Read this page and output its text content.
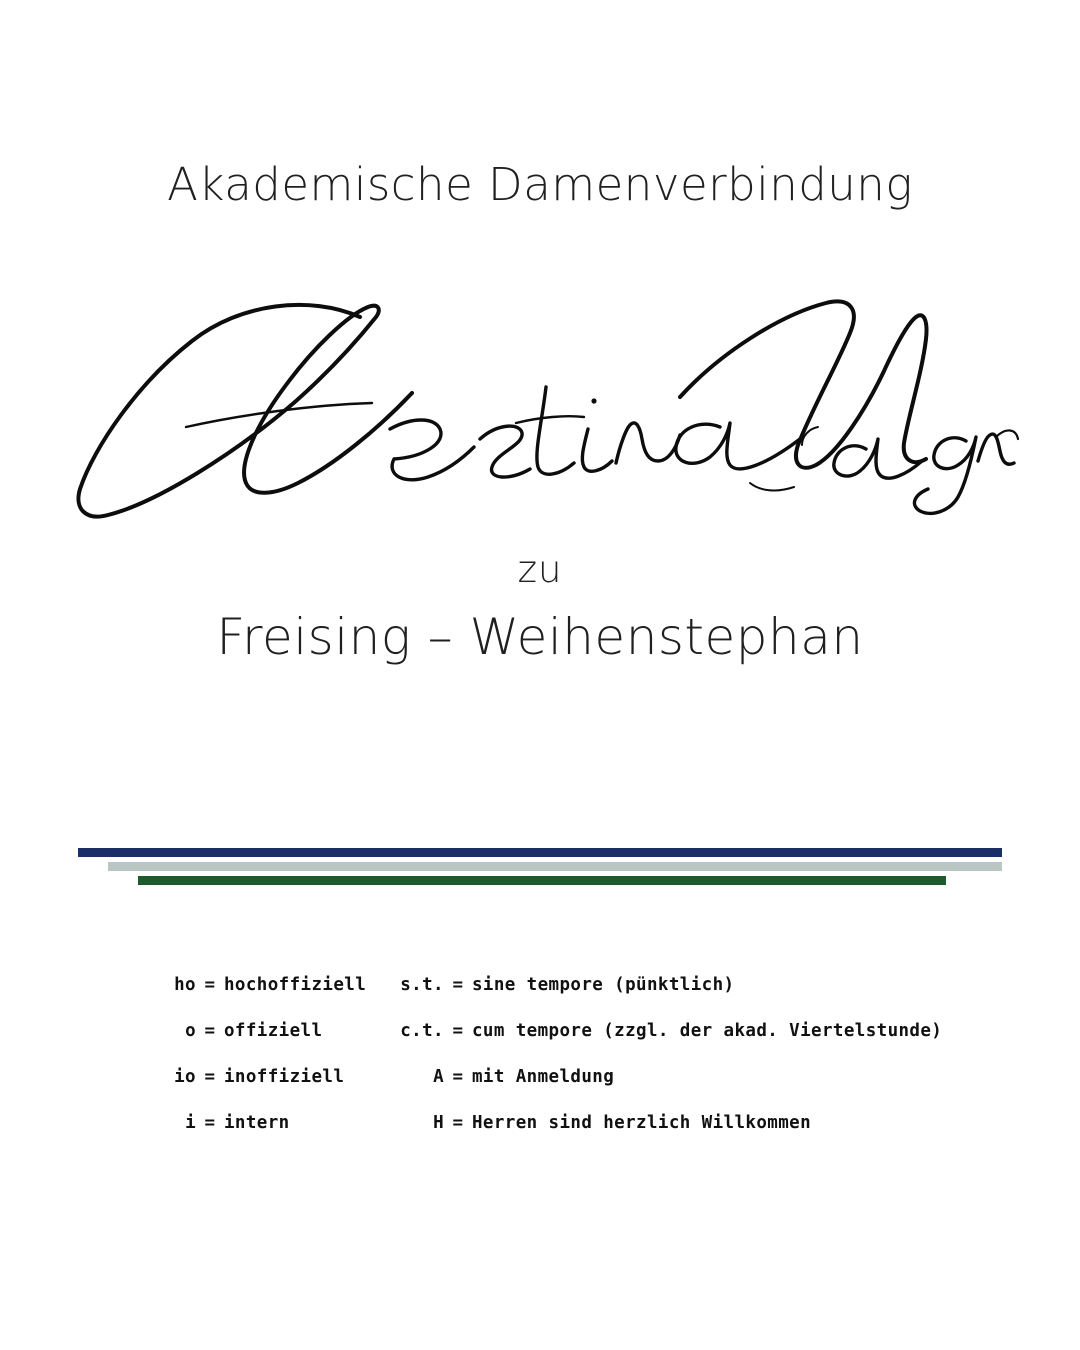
Akademische Damenverbindung
zu
Freising – Weihenstephan
ho = hochoffiziell s.t. = sine tempore (pünktlich)
o = offiziell	c.t. = cum tempore (zzgl. der akad. Viertelstunde)
io = inoffiziell	A = mit Anmeldung
i = intern	H = Herren sind herzlich Willkommen
